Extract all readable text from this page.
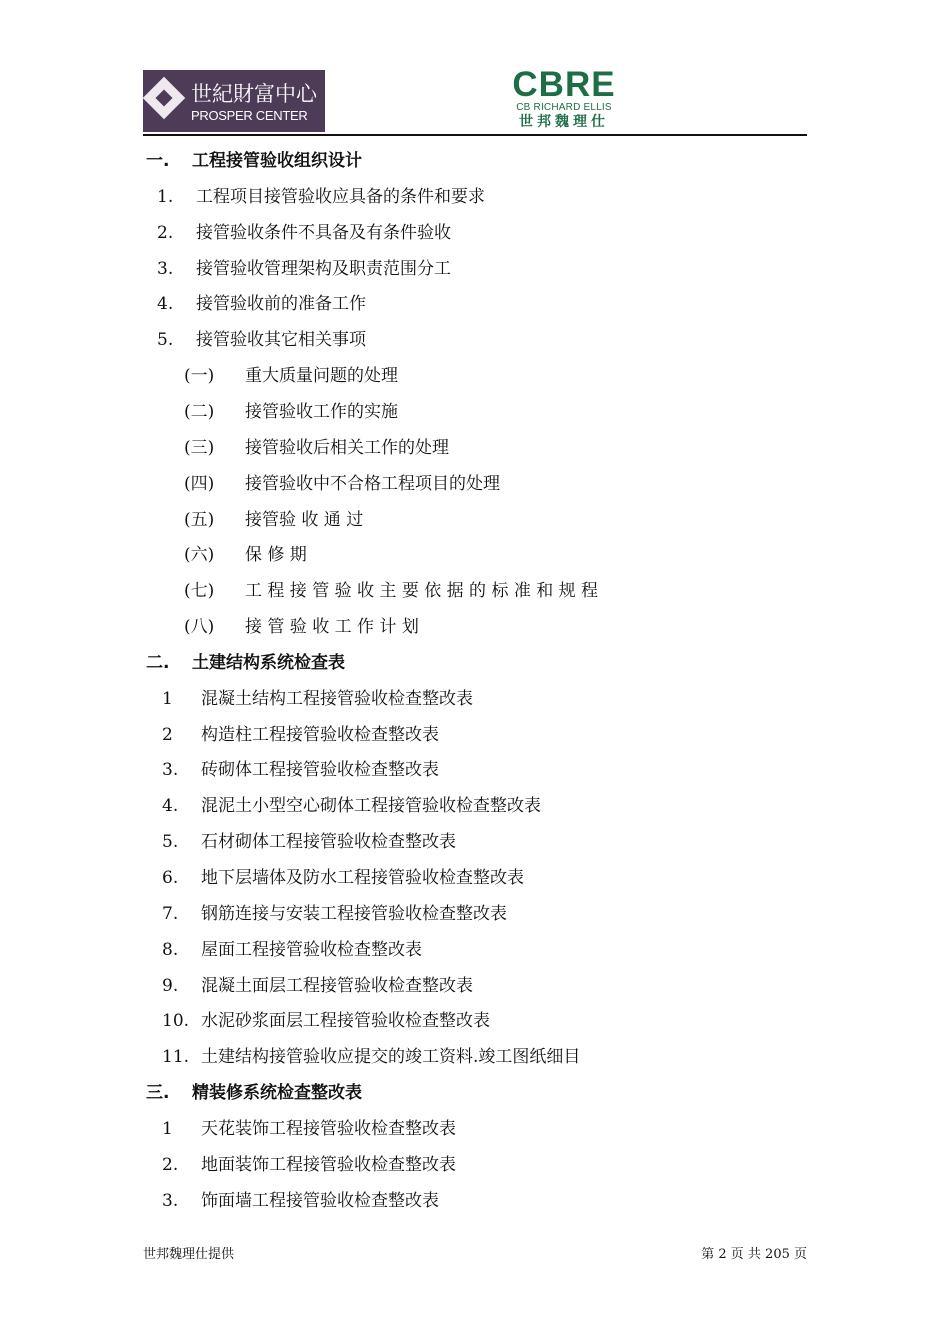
世紀財富中心
PROSPER CENTER
CBRE
CB RICHARD ELLIS
世邦魏理仕
一. 工程接管验收组织设计
1. 工程项目接管验收应具备的条件和要求
2. 接管验收条件不具备及有条件验收
3. 接管验收管理架构及职责范围分工
4. 接管验收前的准备工作
5. 接管验收其它相关事项
(一) 重大质量问题的处理
(二) 接管验收工作的实施
(三) 接管验收后相关工作的处理
(四) 接管验收中不合格工程项目的处理
(五) 接管验 收 通 过
(六) 保 修 期
(七) 工 程 接 管 验 收 主 要 依 据 的 标 准 和 规 程
(八) 接 管 验 收 工 作 计 划
二. 土建结构系统检查表
1 混凝土结构工程接管验收检查整改表
2 构造柱工程接管验收检查整改表
3. 砖砌体工程接管验收检查整改表
4. 混泥土小型空心砌体工程接管验收检查整改表
5. 石材砌体工程接管验收检查整改表
6. 地下层墙体及防水工程接管验收检查整改表
7. 钢筋连接与安装工程接管验收检查整改表
8. 屋面工程接管验收检查整改表
9. 混凝土面层工程接管验收检查整改表
10. 水泥砂浆面层工程接管验收检查整改表
11. 土建结构接管验收应提交的竣工资料.竣工图纸细目
三. 精装修系统检查整改表
1 天花装饰工程接管验收检查整改表
2. 地面装饰工程接管验收检查整改表
3. 饰面墙工程接管验收检查整改表
世邦魏理仕提供	第 2 页 共 205 页
